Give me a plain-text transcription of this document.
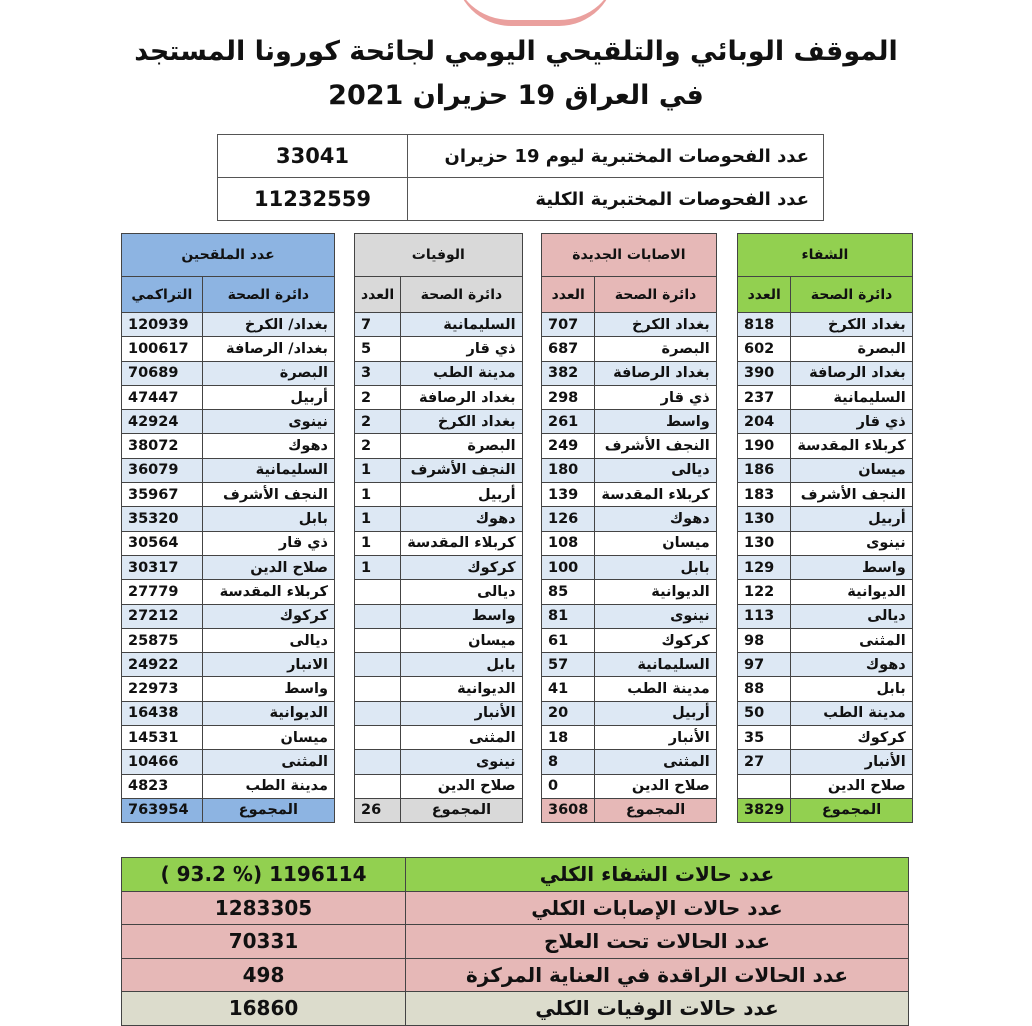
الموقف الوبائي والتلقيحي اليومي لجائحة كورونا المستجد
في العراق 19 حزيران 2021
عدد الفحوصات المختبرية ليوم 19 حزيران	33041
عدد الفحوصات المختبرية الكلية	11232559
الشفاء	
دائرة الصحة	العدد
بغداد الكرخ	818
البصرة	602
بغداد الرصافة	390
السليمانية	237
ذي قار	204
كربلاء المقدسة	190
ميسان	186
النجف الأشرف	183
أربيل	130
نينوى	130
واسط	129
الديوانية	122
ديالى	113
المثنى	98
دهوك	97
بابل	88
مدينة الطب	50
كركوك	35
الأنبار	27
صلاح الدين	
المجموع	3829
الاصابات الجديدة	
دائرة الصحة	العدد
بغداد الكرخ	707
البصرة	687
بغداد الرصافة	382
ذي قار	298
واسط	261
النجف الأشرف	249
ديالى	180
كربلاء المقدسة	139
دهوك	126
ميسان	108
بابل	100
الديوانية	85
نينوى	81
كركوك	61
السليمانية	57
مدينة الطب	41
أربيل	20
الأنبار	18
المثنى	8
صلاح الدين	0
المجموع	3608
الوفيات	
دائرة الصحة	العدد
السليمانية	7
ذي قار	5
مدينة الطب	3
بغداد الرصافة	2
بغداد الكرخ	2
البصرة	2
النجف الأشرف	1
أربيل	1
دهوك	1
كربلاء المقدسة	1
كركوك	1
ديالى	
واسط	
ميسان	
بابل	
الديوانية	
الأنبار	
المثنى	
نينوى	
صلاح الدين	
المجموع	26
عدد الملقحين	
دائرة الصحة	التراكمي
بغداد/ الكرخ	120939
بغداد/ الرصافة	100617
البصرة	70689
أربيل	47447
نينوى	42924
دهوك	38072
السليمانية	36079
النجف الأشرف	35967
بابل	35320
ذي قار	30564
صلاح الدين	30317
كربلاء المقدسة	27779
كركوك	27212
ديالى	25875
الانبار	24922
واسط	22973
الديوانية	16438
ميسان	14531
المثنى	10466
مدينة الطب	4823
المجموع	763954
عدد حالات الشفاء الكلي	1196114 (% 93.2 )
عدد حالات الإصابات الكلي	1283305
عدد الحالات تحت العلاج	70331
عدد الحالات الراقدة في العناية المركزة	498
عدد حالات الوفيات الكلي	16860
